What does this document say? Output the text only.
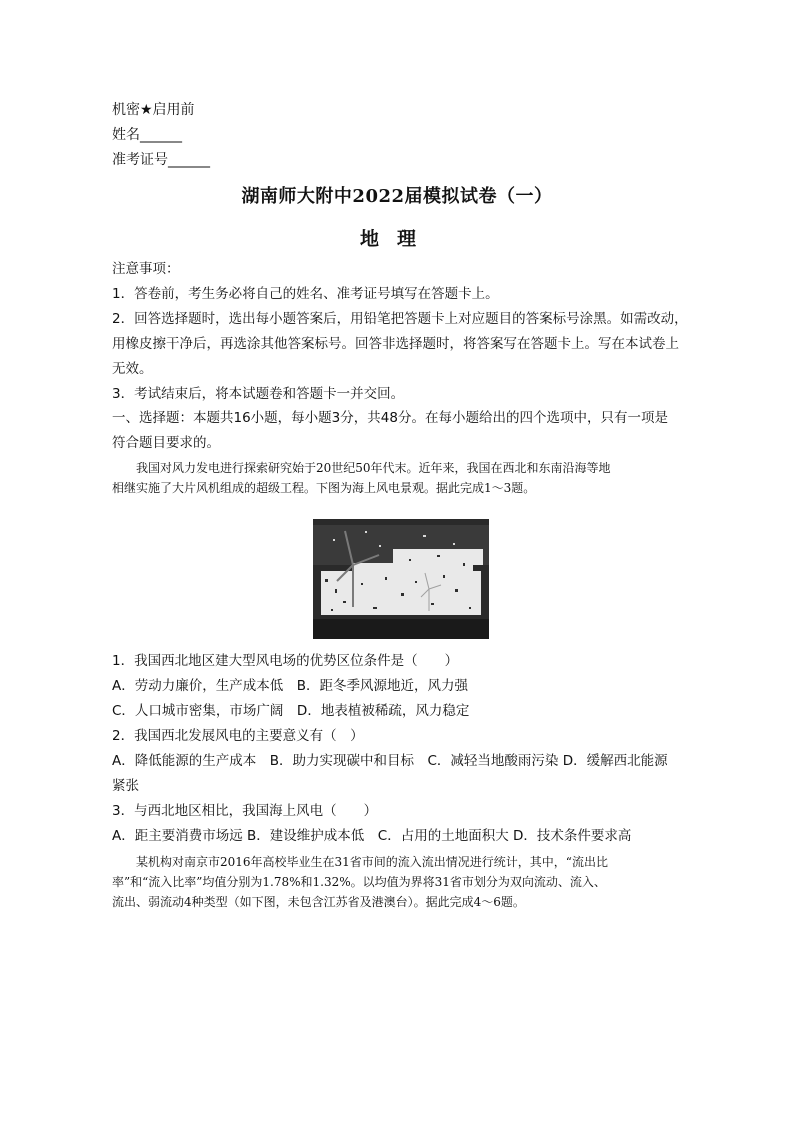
机密★启用前
姓名______
准考证号______
湖南师大附中2022届模拟试卷（一）
地理
注意事项：
1．答卷前，考生务必将自己的姓名、准考证号填写在答题卡上。
2．回答选择题时，选出每小题答案后，用铅笔把答题卡上对应题目的答案标号涂黑。如需改动，
用橡皮擦干净后，再选涂其他答案标号。回答非选择题时，将答案写在答题卡上。写在本试卷上
无效。
3．考试结束后，将本试题卷和答题卡一并交回。
一、选择题：本题共16小题，每小题3分，共48分。在每小题给出的四个选项中，只有一项是
符合题目要求的。
我国对风力发电进行探索研究始于20世纪50年代末。近年来，我国在西北和东南沿海等地
相继实施了大片风机组成的超级工程。下图为海上风电景观。据此完成1～3题。
1．我国西北地区建大型风电场的优势区位条件是（　　）
A．劳动力廉价，生产成本低　B．距冬季风源地近，风力强
C．人口城市密集，市场广阔　D．地表植被稀疏，风力稳定
2．我国西北发展风电的主要意义有（　）
A．降低能源的生产成本　B．助力实现碳中和目标　C．减轻当地酸雨污染 D．缓解西北能源
紧张
3．与西北地区相比，我国海上风电（　　）
A．距主要消费市场远 B．建设维护成本低　C．占用的土地面积大 D．技术条件要求高
某机构对南京市2016年高校毕业生在31省市间的流入流出情况进行统计，其中，“流出比
率”和“流入比率”均值分别为1.78%和1.32%。以均值为界将31省市划分为双向流动、流入、
流出、弱流动4种类型（如下图，未包含江苏省及港澳台）。据此完成4～6题。
